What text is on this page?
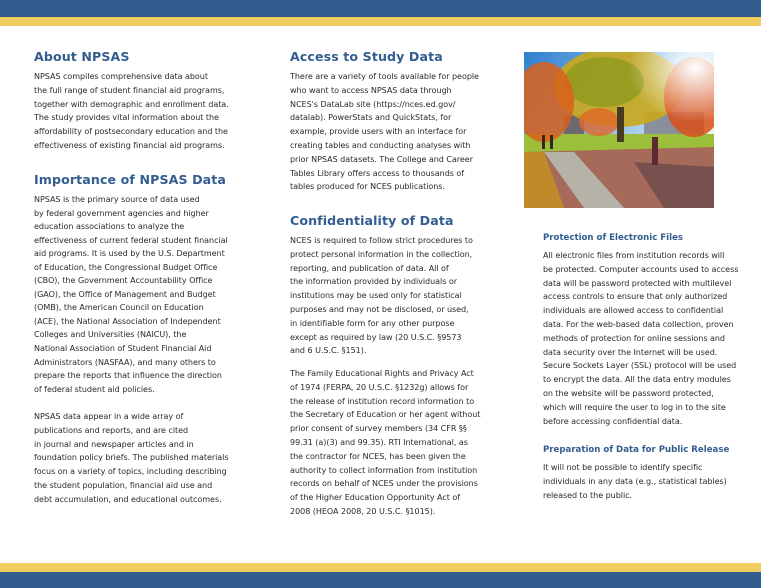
About NPSAS
NPSAS compiles comprehensive data about
the full range of student financial aid programs,
together with demographic and enrollment data.
The study provides vital information about the
affordability of postsecondary education and the
effectiveness of existing financial aid programs.
Importance of NPSAS Data
NPSAS is the primary source of data used
by federal government agencies and higher
education associations to analyze the
effectiveness of current federal student financial
aid programs. It is used by the U.S. Department
of Education, the Congressional Budget Office
(CBO), the Government Accountability Office
(GAO), the Office of Management and Budget
(OMB), the American Council on Education
(ACE), the National Association of Independent
Colleges and Universities (NAICU), the
National Association of Student Financial Aid
Administrators (NASFAA), and many others to
prepare the reports that influence the direction
of federal student aid policies.
NPSAS data appear in a wide array of
publications and reports, and are cited
in journal and newspaper articles and in
foundation policy briefs. The published materials
focus on a variety of topics, including describing
the student population, financial aid use and
debt accumulation, and educational outcomes.
Access to Study Data
There are a variety of tools available for people
who want to access NPSAS data through
NCES's DataLab site (https://nces.ed.gov/
datalab). PowerStats and QuickStats, for
example, provide users with an interface for
creating tables and conducting analyses with
prior NPSAS datasets. The College and Career
Tables Library offers access to thousands of
tables produced for NCES publications.
Confidentiality of Data
NCES is required to follow strict procedures to
protect personal information in the collection,
reporting, and publication of data. All of
the information provided by individuals or
institutions may be used only for statistical
purposes and may not be disclosed, or used,
in identifiable form for any other purpose
except as required by law (20 U.S.C. §9573
and 6 U.S.C. §151).
The Family Educational Rights and Privacy Act
of 1974 (FERPA, 20 U.S.C. §1232g) allows for
the release of institution record information to
the Secretary of Education or her agent without
prior consent of survey members (34 CFR §§
99.31 (a)(3) and 99.35). RTI International, as
the contractor for NCES, has been given the
authority to collect information from institution
records on behalf of NCES under the provisions
of the Higher Education Opportunity Act of
2008 (HEOA 2008, 20 U.S.C. §1015).
Protection of Electronic Files
All electronic files from institution records will
be protected. Computer accounts used to access
data will be password protected with multilevel
access controls to ensure that only authorized
individuals are allowed access to confidential
data. For the web-based data collection, proven
methods of protection for online sessions and
data security over the Internet will be used.
Secure Sockets Layer (SSL) protocol will be used
to encrypt the data. All the data entry modules
on the website will be password protected,
which will require the user to log in to the site
before accessing confidential data.
Preparation of Data for Public Release
It will not be possible to identify specific
individuals in any data (e.g., statistical tables)
released to the public.
